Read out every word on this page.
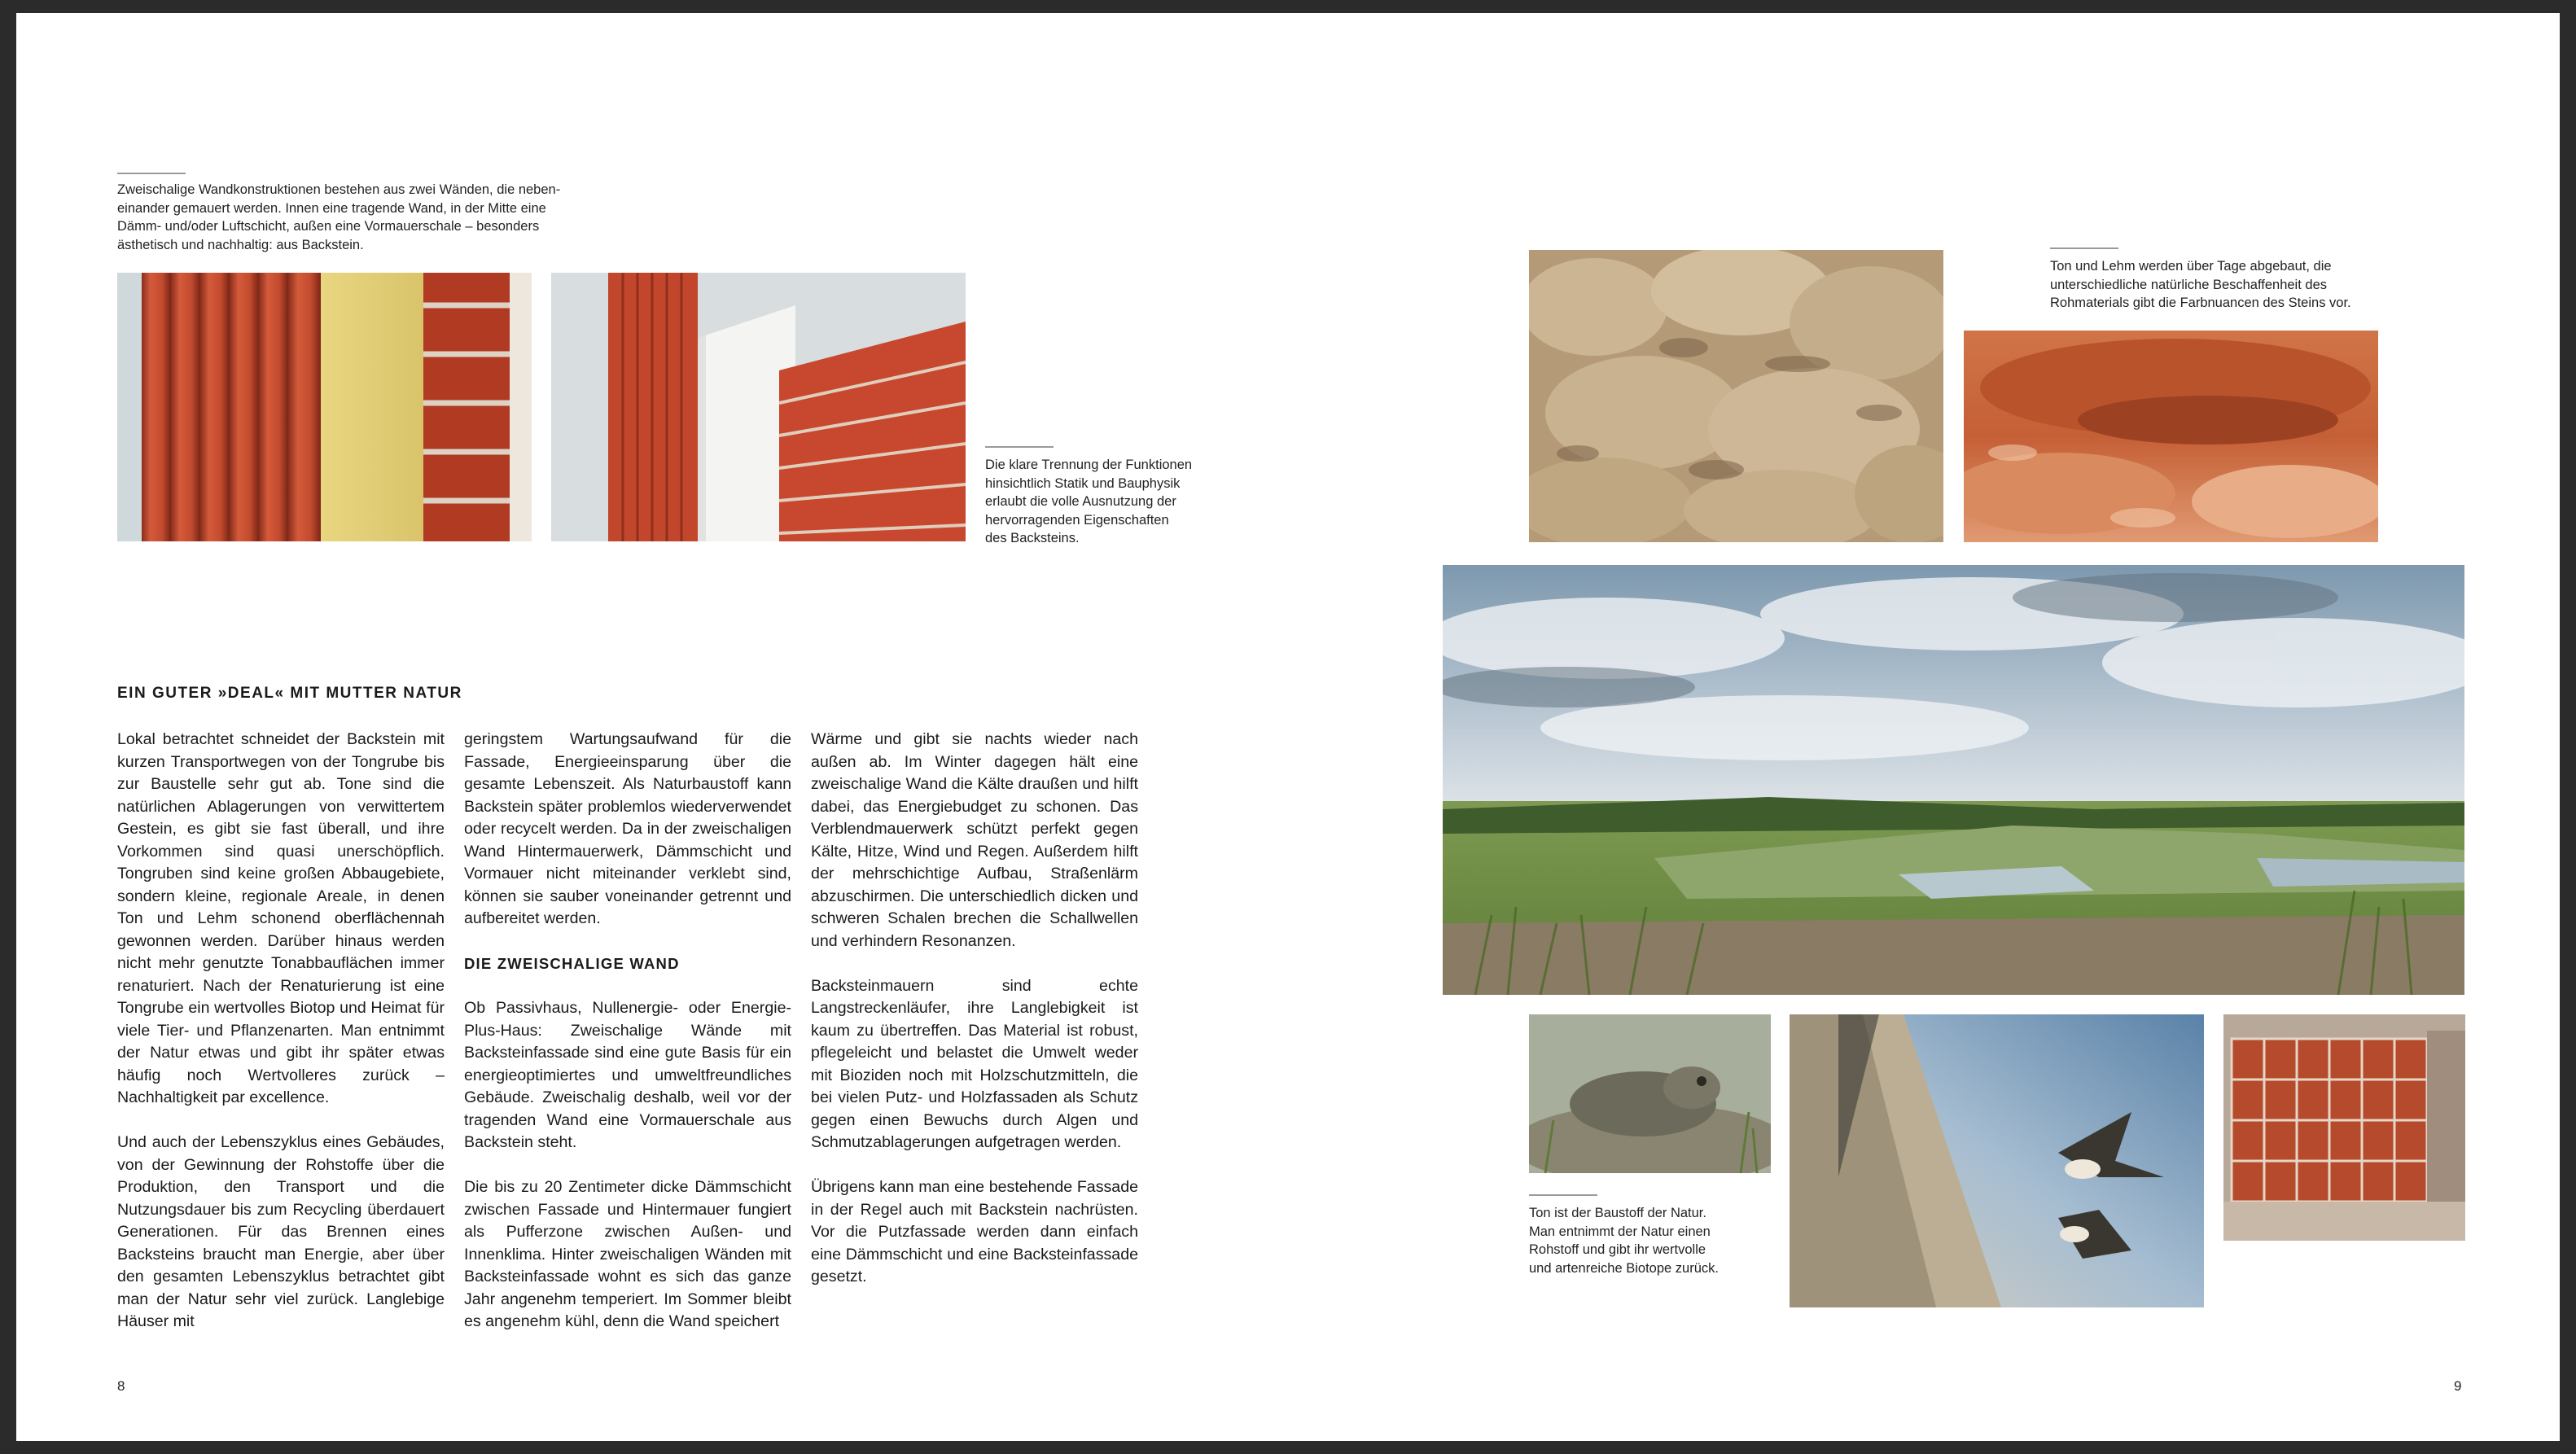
Zweischalige Wandkonstruktionen bestehen aus zwei Wänden, die neben-
einander gemauert werden. Innen eine tragende Wand, in der Mitte eine
Dämm- und/oder Luftschicht, außen eine Vormauerschale – besonders
ästhetisch und nachhaltig: aus Backstein.
Die klare Trennung der Funktionen
hinsichtlich Statik und Bauphysik
erlaubt die volle Ausnutzung der
hervorragenden Eigenschaften
des Backsteins.
EIN GUTER »DEAL« MIT MUTTER NATUR

Lokal betrachtet schneidet der Backstein mit kurzen Transportwegen von der Tongrube bis zur Baustelle sehr gut ab. Tone sind die natürlichen Ablagerungen von verwittertem Gestein, es gibt sie fast überall, und ihre Vorkommen sind quasi unerschöpflich. Tongruben sind keine großen Abbaugebiete, sondern kleine, regionale Areale, in denen Ton und Lehm schonend oberflächennah gewonnen werden. Darüber hinaus werden nicht mehr genutzte Tonabbauflächen immer renaturiert. Nach der Renaturierung ist eine Tongrube ein wertvolles Biotop und Heimat für viele Tier- und Pflanzenarten. Man entnimmt der Natur etwas und gibt ihr später etwas häufig noch Wertvolleres zurück – Nachhaltigkeit par excellence.

Und auch der Lebenszyklus eines Gebäudes, von der Gewinnung der Rohstoffe über die Produktion, den Transport und die Nutzungsdauer bis zum Recycling überdauert Generationen. Für das Brennen eines Backsteins braucht man Energie, aber über den gesamten Lebenszyklus betrachtet gibt man der Natur sehr viel zurück. Langlebige Häuser mit

geringstem Wartungsaufwand für die Fassade, Energieeinsparung über die gesamte Lebenszeit. Als Naturbaustoff kann Backstein später problemlos wiederverwendet oder recycelt werden. Da in der zweischaligen Wand Hintermauerwerk, Dämmschicht und Vormauer nicht miteinander verklebt sind, können sie sauber voneinander getrennt und aufbereitet werden.

DIE ZWEISCHALIGE WAND

Ob Passivhaus, Nullenergie- oder Energie-Plus-Haus: Zweischalige Wände mit Backsteinfassade sind eine gute Basis für ein energieoptimiertes und umweltfreundliches Gebäude. Zweischalig deshalb, weil vor der tragenden Wand eine Vormauerschale aus Backstein steht.

Die bis zu 20 Zentimeter dicke Dämmschicht zwischen Fassade und Hintermauer fungiert als Pufferzone zwischen Außen- und Innenklima. Hinter zweischaligen Wänden mit Backsteinfassade wohnt es sich das ganze Jahr angenehm temperiert. Im Sommer bleibt es angenehm kühl, denn die Wand speichert

Wärme und gibt sie nachts wieder nach außen ab. Im Winter dagegen hält eine zweischalige Wand die Kälte draußen und hilft dabei, das Energiebudget zu schonen. Das Verblendmauerwerk schützt perfekt gegen Kälte, Hitze, Wind und Regen. Außerdem hilft der mehrschichtige Aufbau, Straßenlärm abzuschirmen. Die unterschiedlich dicken und schweren Schalen brechen die Schallwellen und verhindern Resonanzen.

Backsteinmauern sind echte Langstreckenläufer, ihre Langlebigkeit ist kaum zu übertreffen. Das Material ist robust, pflegeleicht und belastet die Umwelt weder mit Bioziden noch mit Holzschutzmitteln, die bei vielen Putz- und Holzfassaden als Schutz gegen einen Bewuchs durch Algen und Schmutzablagerungen aufgetragen werden.

Übrigens kann man eine bestehende Fassade in der Regel auch mit Backstein nachrüsten. Vor die Putzfassade werden dann einfach eine Dämmschicht und eine Backsteinfassade gesetzt.

8
Ton und Lehm werden über Tage abgebaut, die
unterschiedliche natürliche Beschaffenheit des
Rohmaterials gibt die Farbnuancen des Steins vor.
Ton ist der Baustoff der Natur.
Man entnimmt der Natur einen
Rohstoff und gibt ihr wertvolle
und artenreiche Biotope zurück.
9
